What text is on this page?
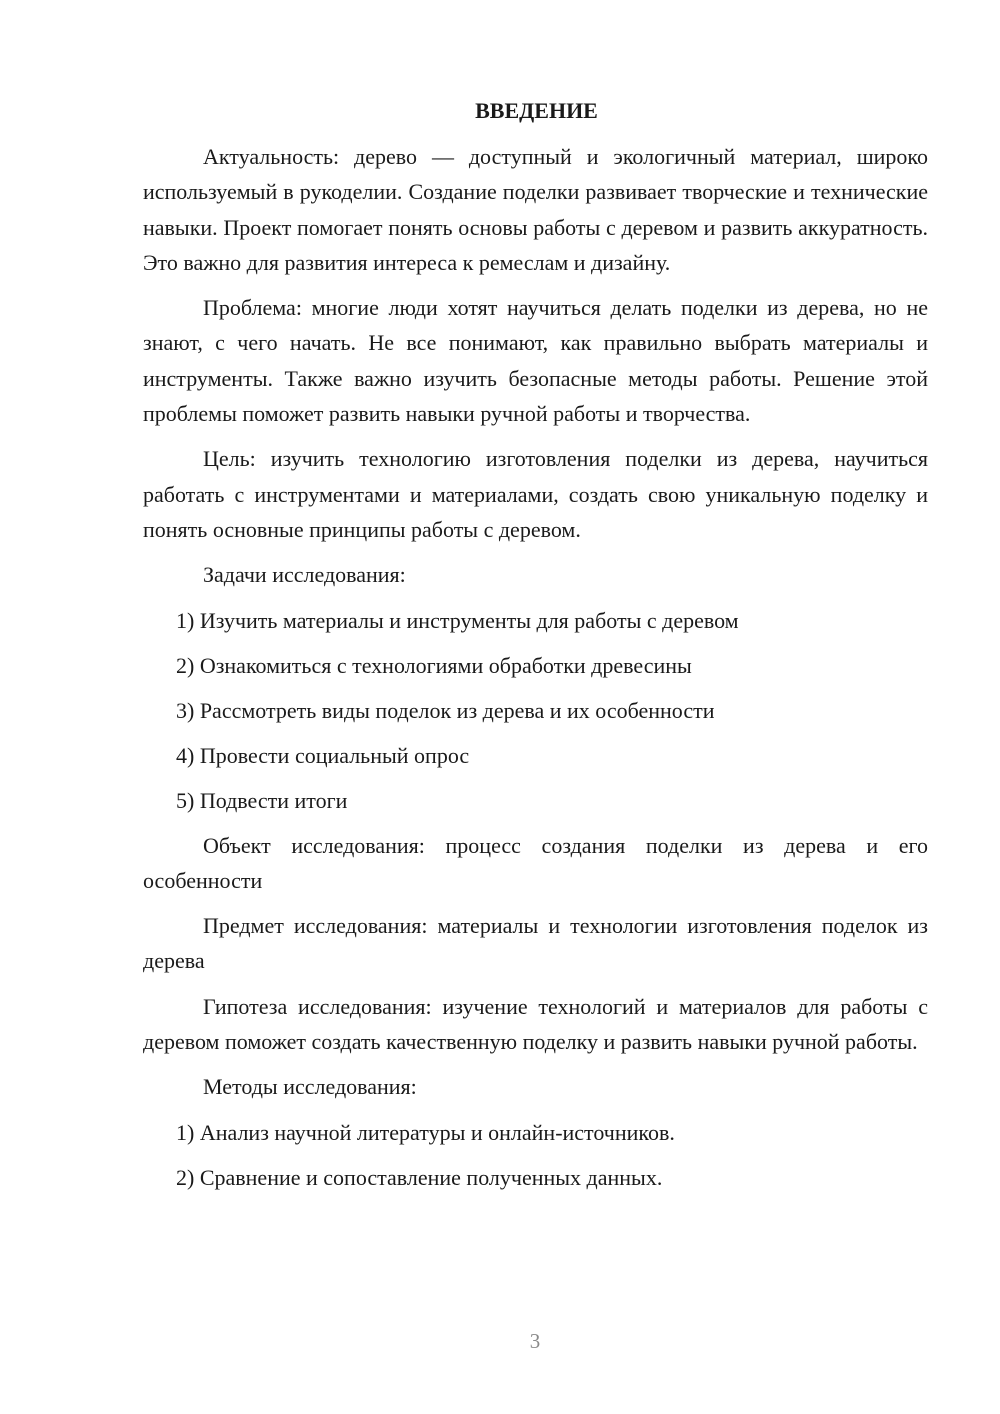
ВВЕДЕНИЕ

Актуальность: дерево — доступный и экологичный материал, широко используемый в рукоделии. Создание поделки развивает творческие и технические навыки. Проект помогает понять основы работы с деревом и развить аккуратность. Это важно для развития интереса к ремеслам и дизайну.

Проблема: многие люди хотят научиться делать поделки из дерева, но не знают, с чего начать. Не все понимают, как правильно выбрать материалы и инструменты. Также важно изучить безопасные методы работы. Решение этой проблемы поможет развить навыки ручной работы и творчества.

Цель: изучить технологию изготовления поделки из дерева, научиться работать с инструментами и материалами, создать свою уникальную поделку и понять основные принципы работы с деревом.

Задачи исследования:

1) Изучить материалы и инструменты для работы с деревом
2) Ознакомиться с технологиями обработки древесины
3) Рассмотреть виды поделок из дерева и их особенности
4) Провести социальный опрос
5) Подвести итоги

Объект исследования: процесс создания поделки из дерева и его особенности

Предмет исследования: материалы и технологии изготовления поделок из дерева

Гипотеза исследования: изучение технологий и материалов для работы с деревом поможет создать качественную поделку и развить навыки ручной работы.

Методы исследования:

1) Анализ научной литературы и онлайн-источников.
2) Сравнение и сопоставление полученных данных.
3
